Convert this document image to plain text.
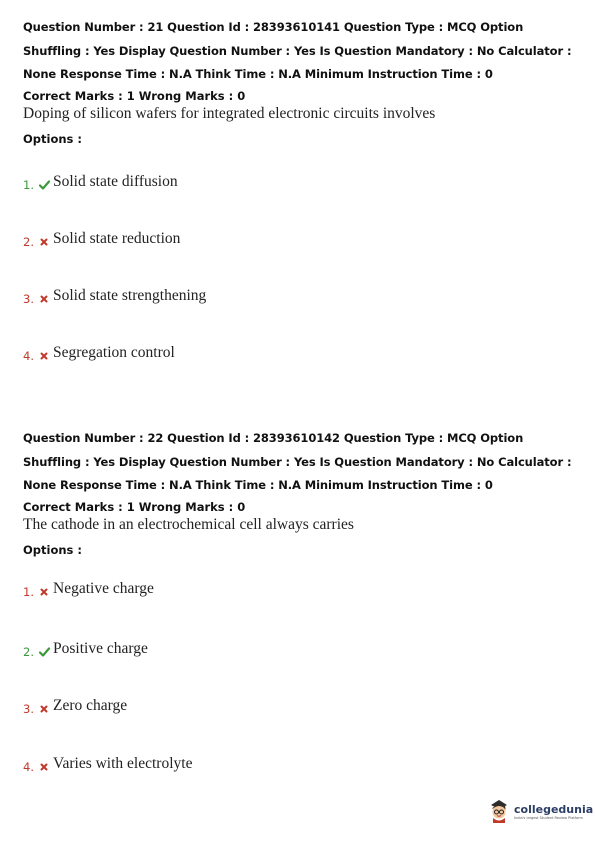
Question Number : 21 Question Id : 28393610141 Question Type : MCQ Option Shuffling : Yes Display Question Number : Yes Is Question Mandatory : No Calculator : None Response Time : N.A Think Time : N.A Minimum Instruction Time : 0
Correct Marks : 1 Wrong Marks : 0
Doping of silicon wafers for integrated electronic circuits involves
Options :
1. Solid state diffusion
2. Solid state reduction
3. Solid state strengthening
4. Segregation control
Question Number : 22 Question Id : 28393610142 Question Type : MCQ Option Shuffling : Yes Display Question Number : Yes Is Question Mandatory : No Calculator : None Response Time : N.A Think Time : N.A Minimum Instruction Time : 0
Correct Marks : 1 Wrong Marks : 0
The cathode in an electrochemical cell always carries
Options :
1. Negative charge
2. Positive charge
3. Zero charge
4. Varies with electrolyte
collegedunia
India's largest Student Review Platform
